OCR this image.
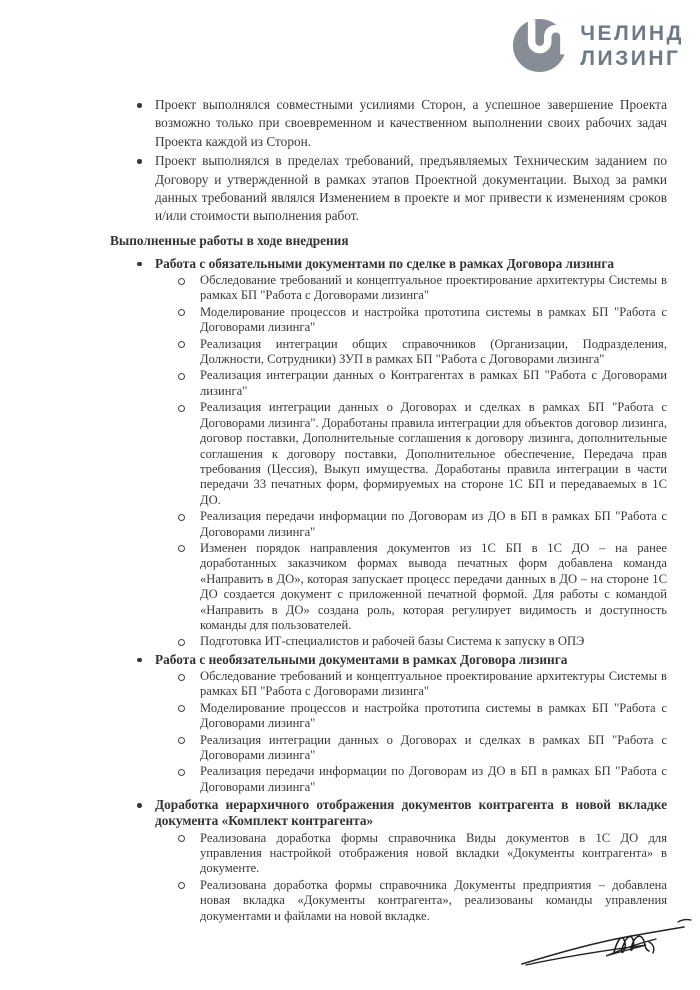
ЧЕЛИНД
ЛИЗИНГ
Проект выполнялся совместными усилиями Сторон, а успешное завершение Проекта возможно только при своевременном и качественном выполнении своих рабочих задач Проекта каждой из Сторон.
Проект выполнялся в пределах требований, предъявляемых Техническим заданием по Договору и утвержденной в рамках этапов Проектной документации. Выход за рамки данных требований являлся Изменением в проекте и мог привести к изменениям сроков и/или стоимости выполнения работ.
Выполненные работы в ходе внедрения
Работа с обязательными документами по сделке в рамках Договора лизинга
Обследование требований и концептуальное проектирование архитектуры Системы в рамках БП "Работа с Договорами лизинга"
Моделирование процессов и настройка прототипа системы в рамках БП "Работа с Договорами лизинга"
Реализация интеграции общих справочников (Организации, Подразделения, Должности, Сотрудники) ЗУП в рамках БП "Работа с Договорами лизинга"
Реализация интеграции данных о Контрагентах в рамках БП "Работа с Договорами лизинга"
Реализация интеграции данных о Договорах и сделках в рамках БП "Работа с Договорами лизинга". Доработаны правила интеграции для объектов договор лизинга, договор поставки, Дополнительные соглашения к договору лизинга, дополнительные соглашения к договору поставки, Дополнительное обеспечение, Передача прав требования (Цессия), Выкуп имущества. Доработаны правила интеграции в части передачи 33 печатных форм, формируемых на стороне 1С БП и передаваемых в 1С ДО.
Реализация передачи информации по Договорам из ДО в БП в рамках БП "Работа с Договорами лизинга"
Изменен порядок направления документов из 1С БП в 1С ДО – на ранее доработанных заказчиком формах вывода печатных форм добавлена команда «Направить в ДО», которая запускает процесс передачи данных в ДО – на стороне 1С ДО создается документ с приложенной печатной формой. Для работы с командой «Направить в ДО» создана роль, которая регулирует видимость и доступность команды для пользователей.
Подготовка ИТ-специалистов и рабочей базы Система к запуску в ОПЭ
Работа с необязательными документами в рамках Договора лизинга
Обследование требований и концептуальное проектирование архитектуры Системы в рамках БП "Работа с Договорами лизинга"
Моделирование процессов и настройка прототипа системы в рамках БП "Работа с Договорами лизинга"
Реализация интеграции данных о Договорах и сделках в рамках БП "Работа с Договорами лизинга"
Реализация передачи информации по Договорам из ДО в БП в рамках БП "Работа с Договорами лизинга"
Доработка иерархичного отображения документов контрагента в новой вкладке документа «Комплект контрагента»
Реализована доработка формы справочника Виды документов в 1С ДО для управления настройкой отображения новой вкладки «Документы контрагента» в документе.
Реализована доработка формы справочника Документы предприятия – добавлена новая вкладка «Документы контрагента», реализованы команды управления документами и файлами на новой вкладке.
